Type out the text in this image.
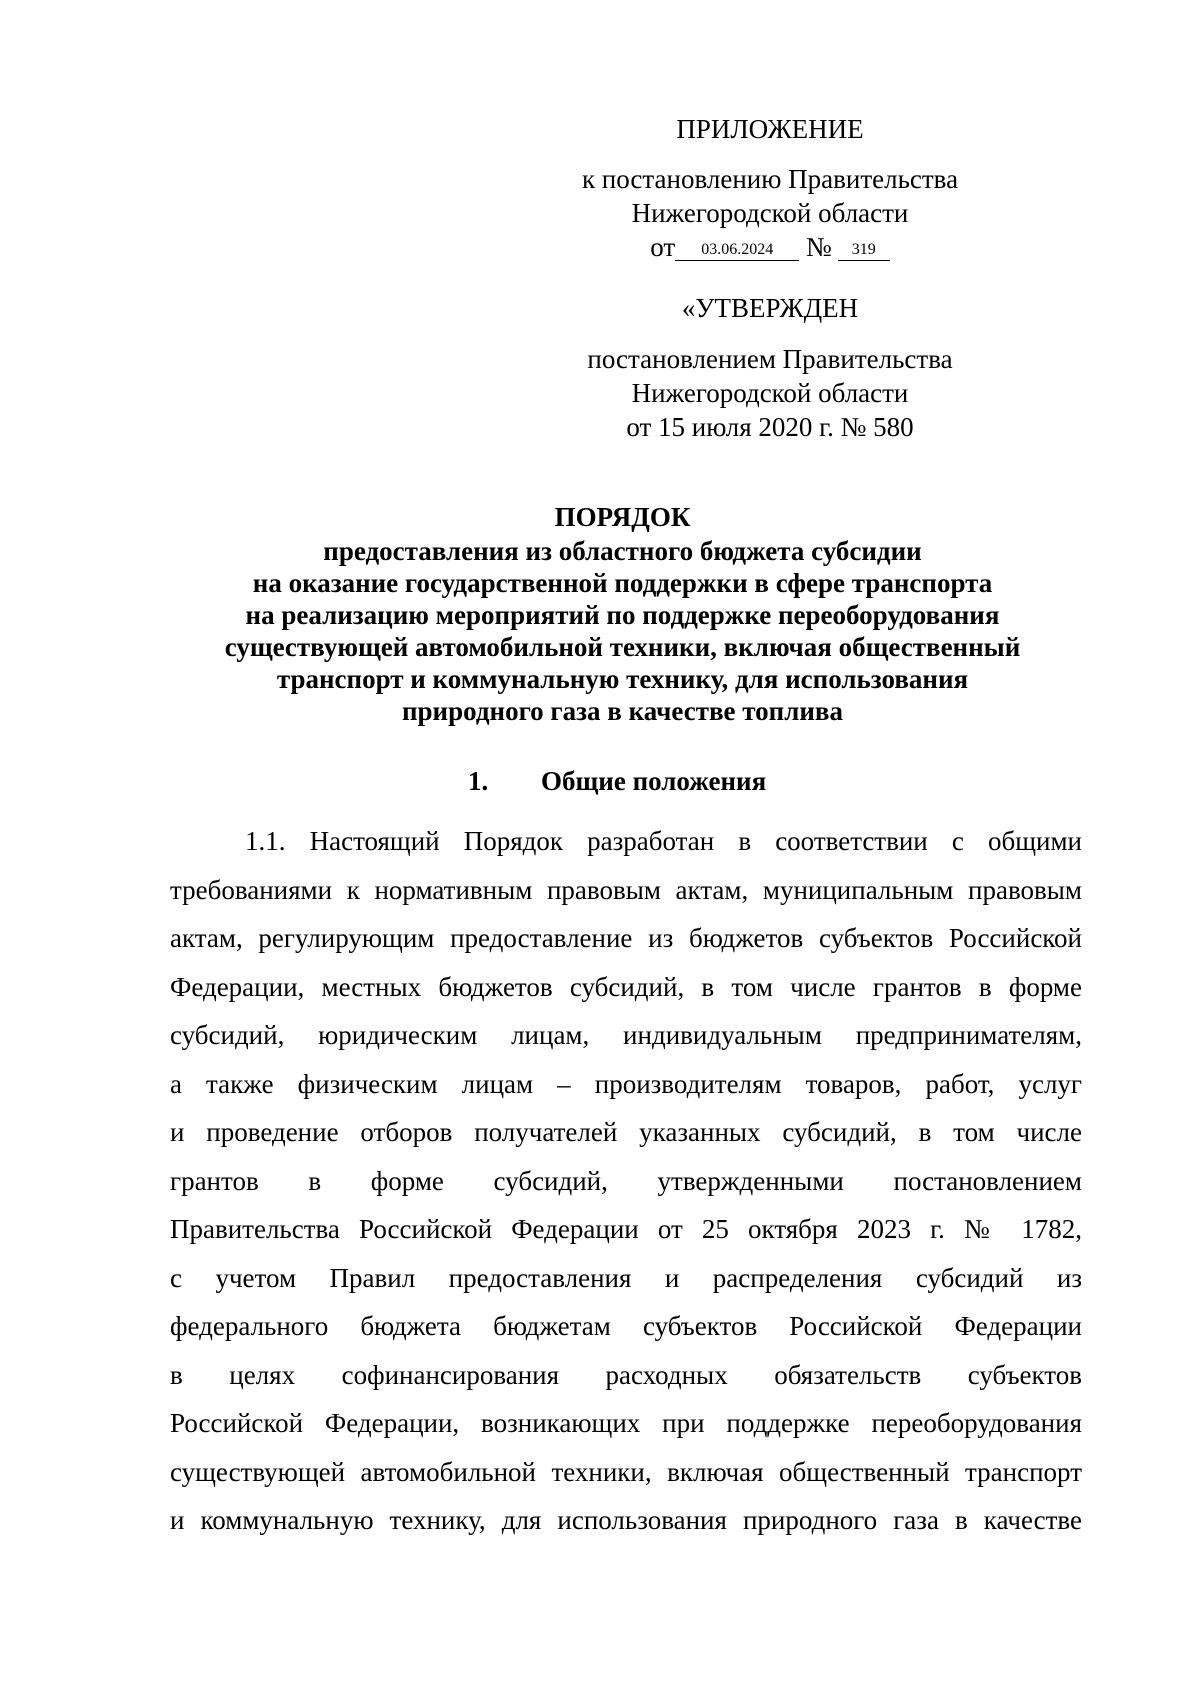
ПРИЛОЖЕНИЕ
к постановлению Правительства
Нижегородской области
от 03.06.2024 № 319
«УТВЕРЖДЕН
постановлением Правительства
Нижегородской области
от 15 июля 2020 г. № 580
ПОРЯДОК
предоставления из областного бюджета субсидии
на оказание государственной поддержки в сфере транспорта
на реализацию мероприятий по поддержке переоборудования
существующей автомобильной техники, включая общественный
транспорт и коммунальную технику, для использования
природного газа в качестве топлива
1. Общие положения
1.1. Настоящий Порядок разработан в соответствии с общими
требованиями к нормативным правовым актам, муниципальным правовым
актам, регулирующим предоставление из бюджетов субъектов Российской
Федерации, местных бюджетов субсидий, в том числе грантов в форме
субсидий, юридическим лицам, индивидуальным предпринимателям,
а также физическим лицам – производителям товаров, работ, услуг
и проведение отборов получателей указанных субсидий, в том числе
грантов в форме субсидий, утвержденными постановлением
Правительства Российской Федерации от 25 октября 2023 г. № 1782,
с учетом Правил предоставления и распределения субсидий из
федерального бюджета бюджетам субъектов Российской Федерации
в целях софинансирования расходных обязательств субъектов
Российской Федерации, возникающих при поддержке переоборудования
существующей автомобильной техники, включая общественный транспорт
и коммунальную технику, для использования природного газа в качестве
